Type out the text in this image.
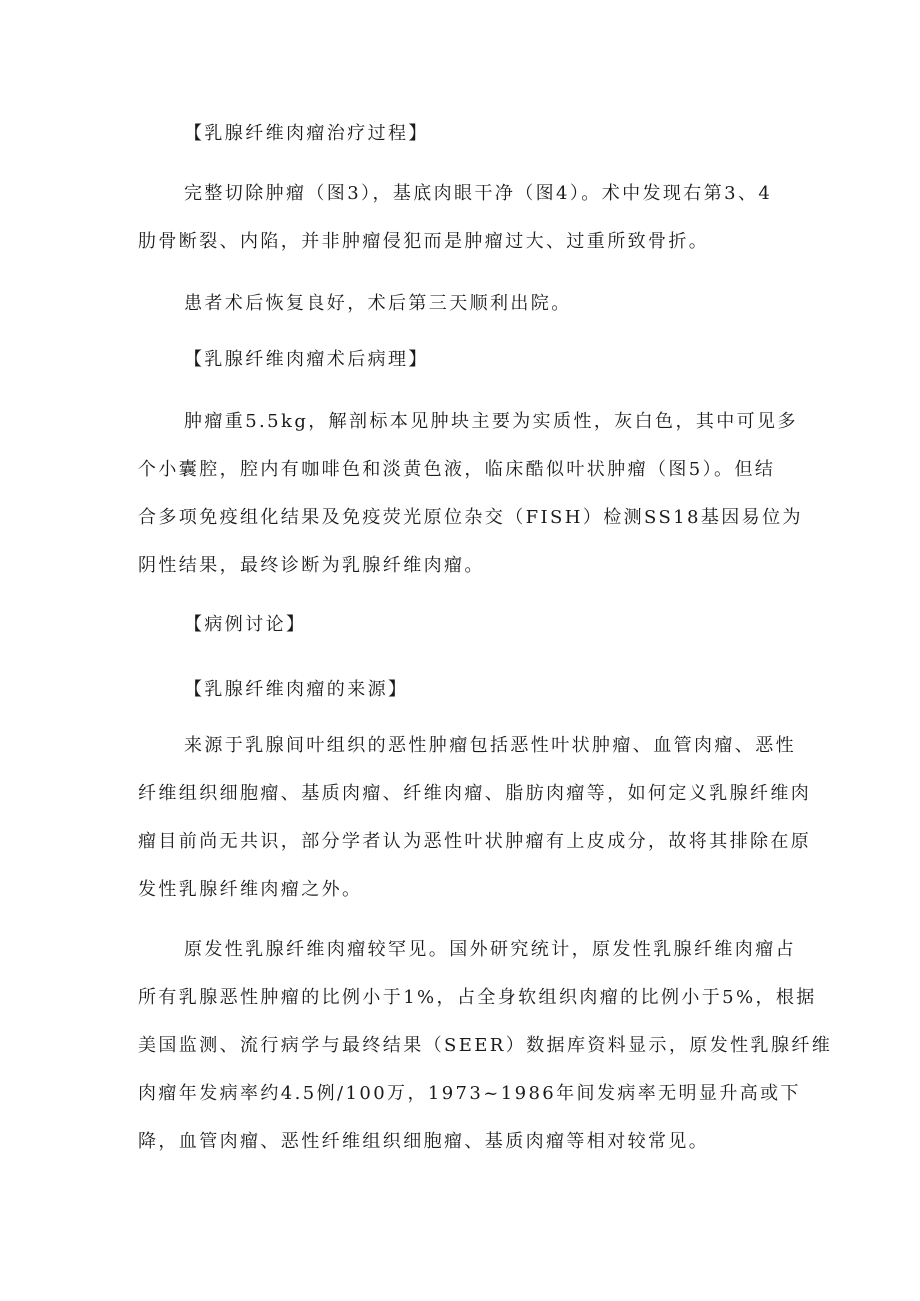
【乳腺纤维肉瘤治疗过程】
完整切除肿瘤（图3），基底肉眼干净（图4）。术中发现右第3、4
肋骨断裂、内陷，并非肿瘤侵犯而是肿瘤过大、过重所致骨折。
患者术后恢复良好，术后第三天顺利出院。
【乳腺纤维肉瘤术后病理】
肿瘤重5.5kg，解剖标本见肿块主要为实质性，灰白色，其中可见多
个小囊腔，腔内有咖啡色和淡黄色液，临床酷似叶状肿瘤（图5）。但结
合多项免疫组化结果及免疫荧光原位杂交（FISH）检测SS18基因易位为
阴性结果，最终诊断为乳腺纤维肉瘤。
【病例讨论】
【乳腺纤维肉瘤的来源】
来源于乳腺间叶组织的恶性肿瘤包括恶性叶状肿瘤、血管肉瘤、恶性
纤维组织细胞瘤、基质肉瘤、纤维肉瘤、脂肪肉瘤等，如何定义乳腺纤维肉
瘤目前尚无共识，部分学者认为恶性叶状肿瘤有上皮成分，故将其排除在原
发性乳腺纤维肉瘤之外。
原发性乳腺纤维肉瘤较罕见。国外研究统计，原发性乳腺纤维肉瘤占
所有乳腺恶性肿瘤的比例小于1%，占全身软组织肉瘤的比例小于5%，根据
美国监测、流行病学与最终结果（SEER）数据库资料显示，原发性乳腺纤维
肉瘤年发病率约4.5例/100万，1973~1986年间发病率无明显升高或下
降，血管肉瘤、恶性纤维组织细胞瘤、基质肉瘤等相对较常见。
